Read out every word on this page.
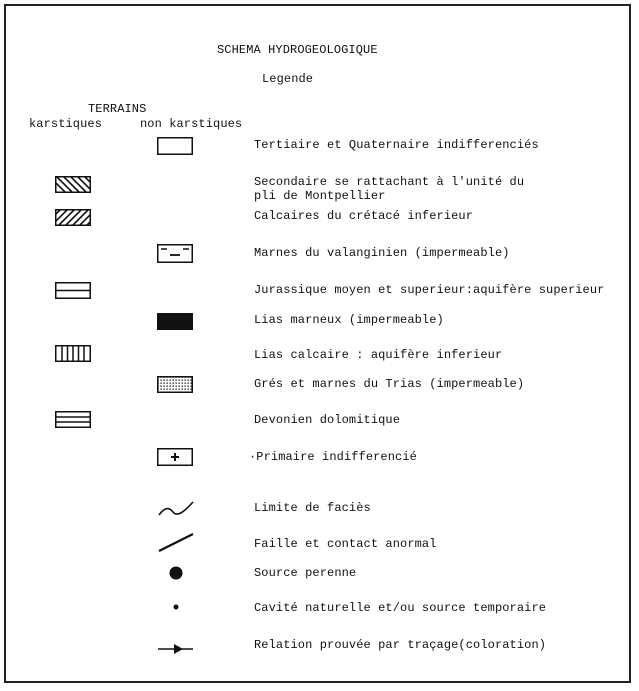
SCHEMA HYDROGEOLOGIQUE
Legende
TERRAINS
karstiques	non karstiques
Tertiaire et Quaternaire indifferenciés
Secondaire se rattachant à l'unité du
pli de Montpellier
Calcaires du crétacé inferieur
Marnes du valanginien (impermeable)
Jurassique moyen et superieur:aquifère superieur
Lias marneux (impermeable)
Lias calcaire : aquifère inferieur
Grés et marnes du Trias (impermeable)
Devonien dolomitique
·Primaire indifferencié
Limite de faciès
Faille et contact anormal
Source perenne
Cavité naturelle et/ou source temporaire
Relation prouvée par traçage(coloration)
